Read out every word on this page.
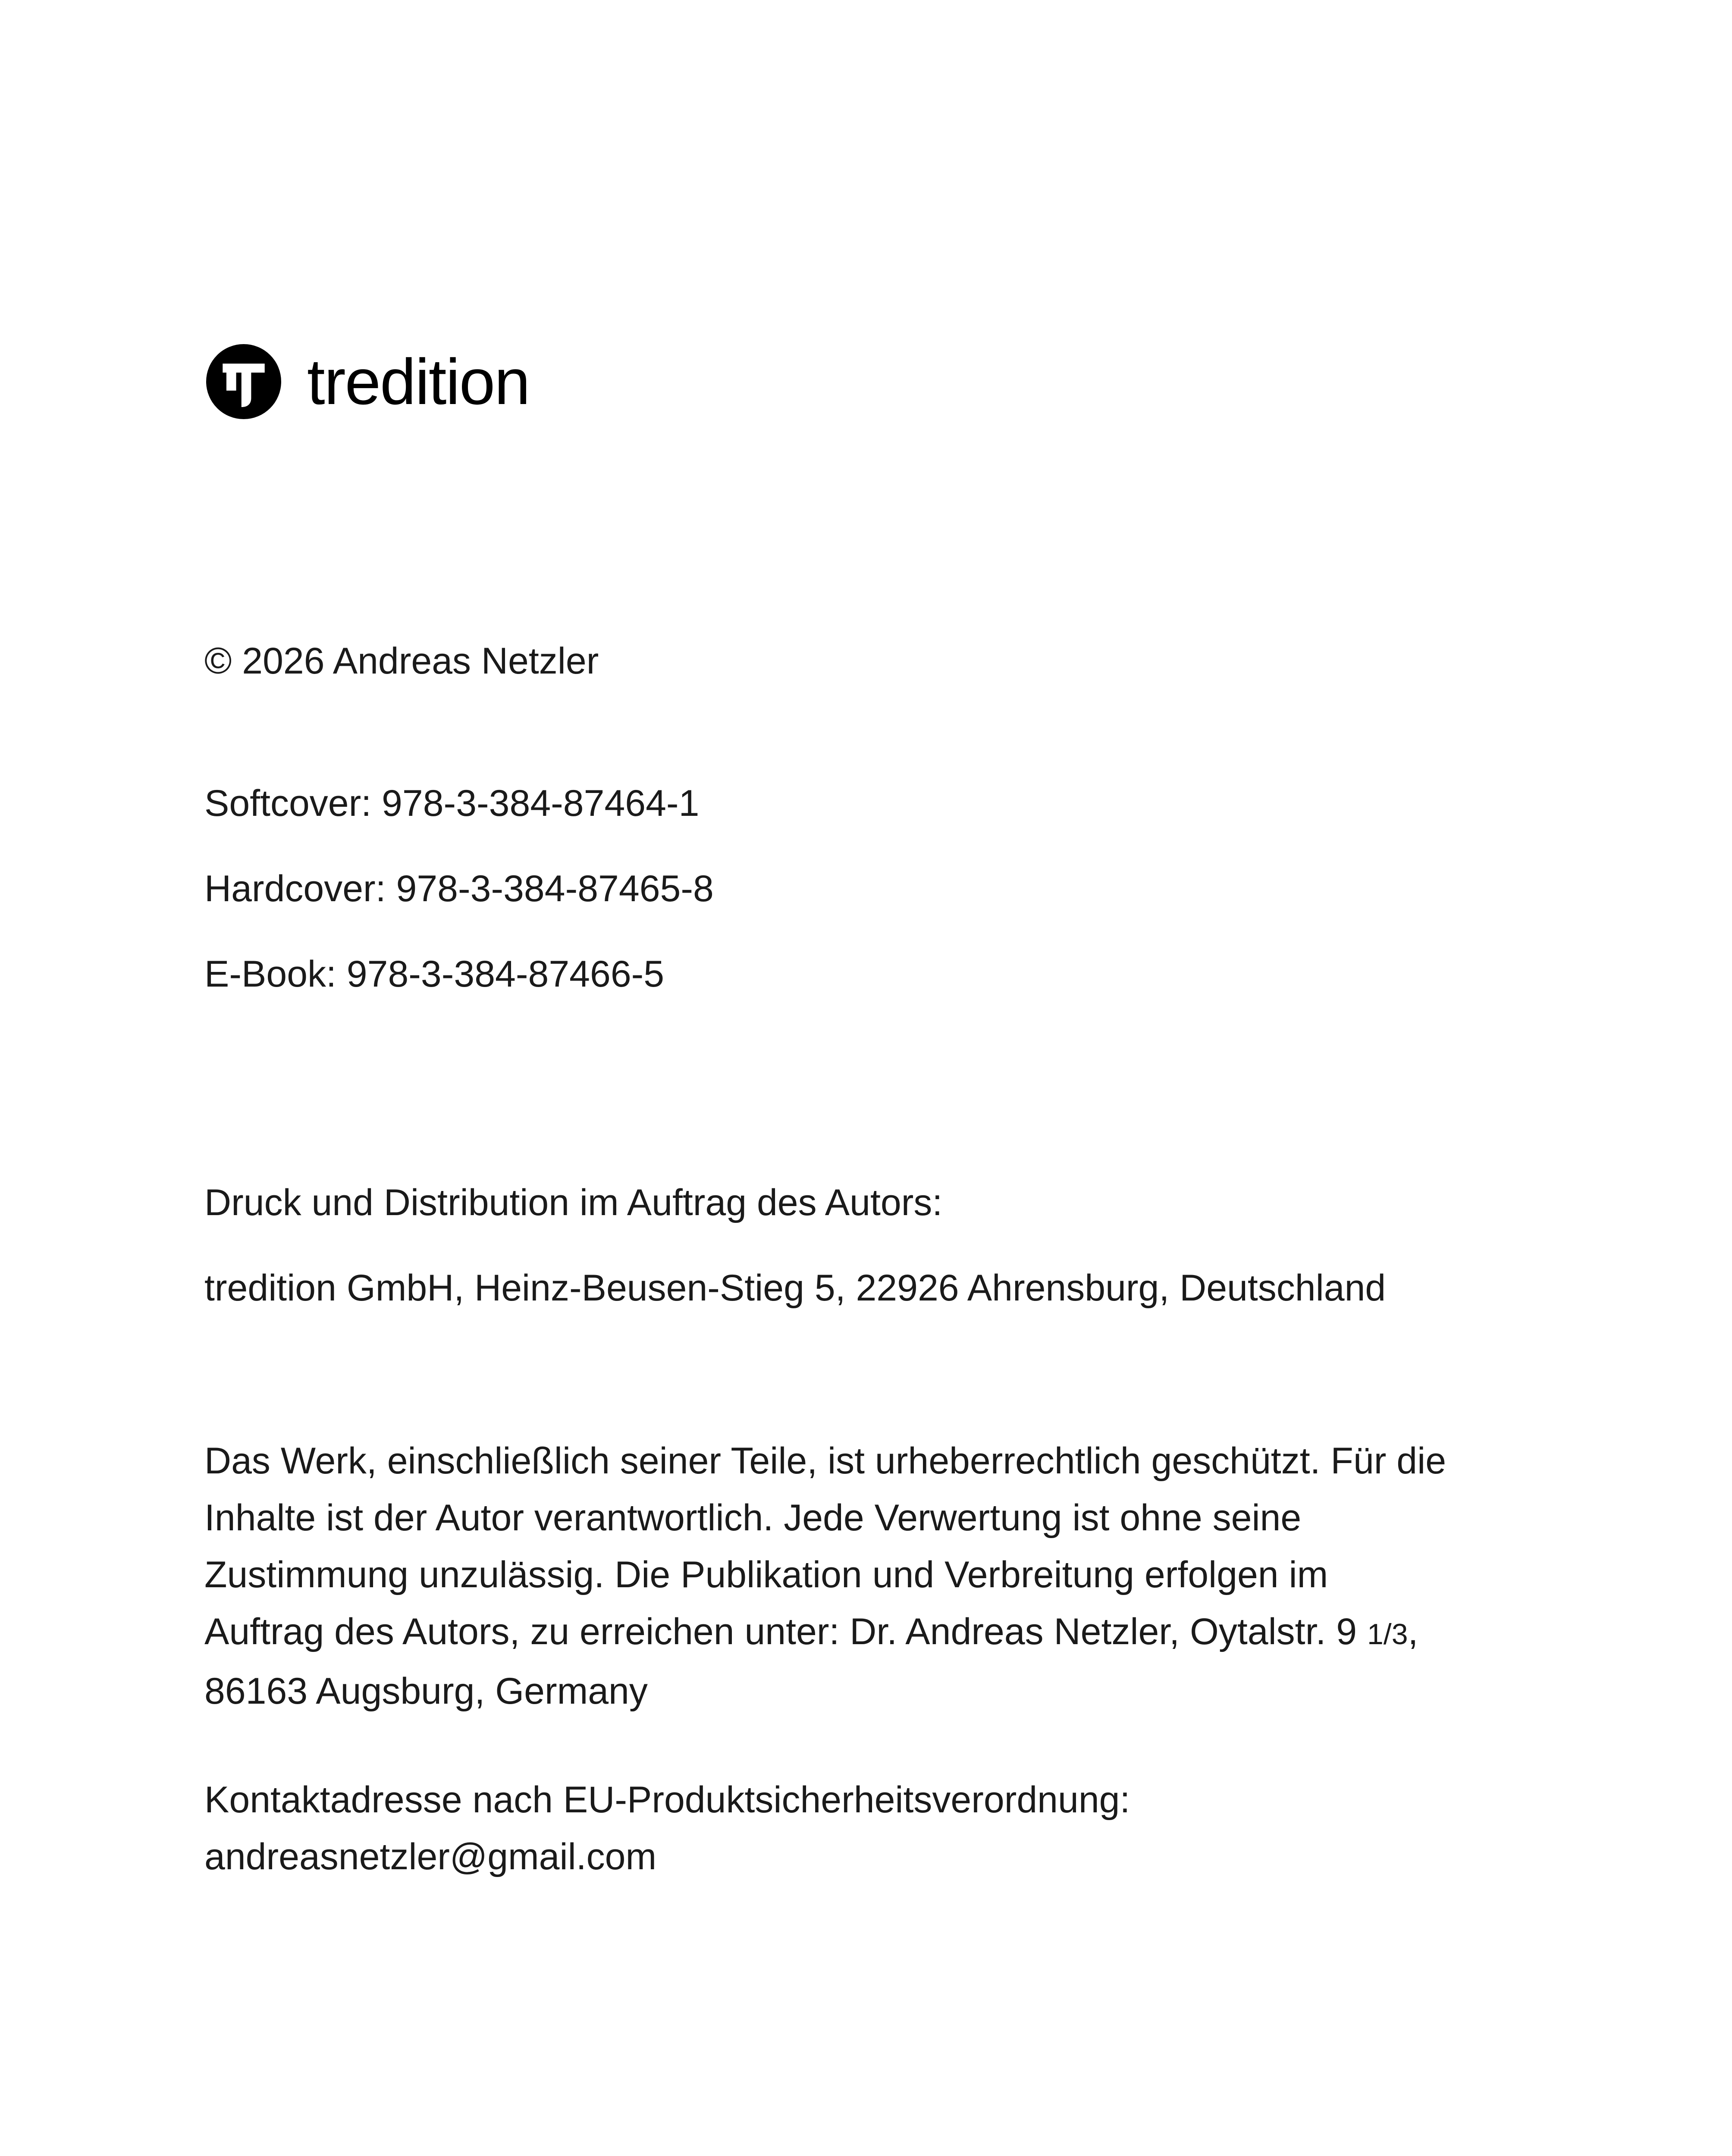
tredition
© 2026 Andreas Netzler
Softcover: 978-3-384-87464-1
Hardcover: 978-3-384-87465-8
E-Book: 978-3-384-87466-5
Druck und Distribution im Auftrag des Autors:
tredition GmbH, Heinz-Beusen-Stieg 5, 22926 Ahrensburg, Deutschland
Das Werk, einschließlich seiner Teile, ist urheberrechtlich geschützt. Für die
Inhalte ist der Autor verantwortlich. Jede Verwertung ist ohne seine
Zustimmung unzulässig. Die Publikation und Verbreitung erfolgen im
Auftrag des Autors, zu erreichen unter: Dr. Andreas Netzler, Oytalstr. 9 1/3,
86163 Augsburg, Germany
Kontaktadresse nach EU-Produktsicherheitsverordnung:
andreasnetzler@gmail.com
